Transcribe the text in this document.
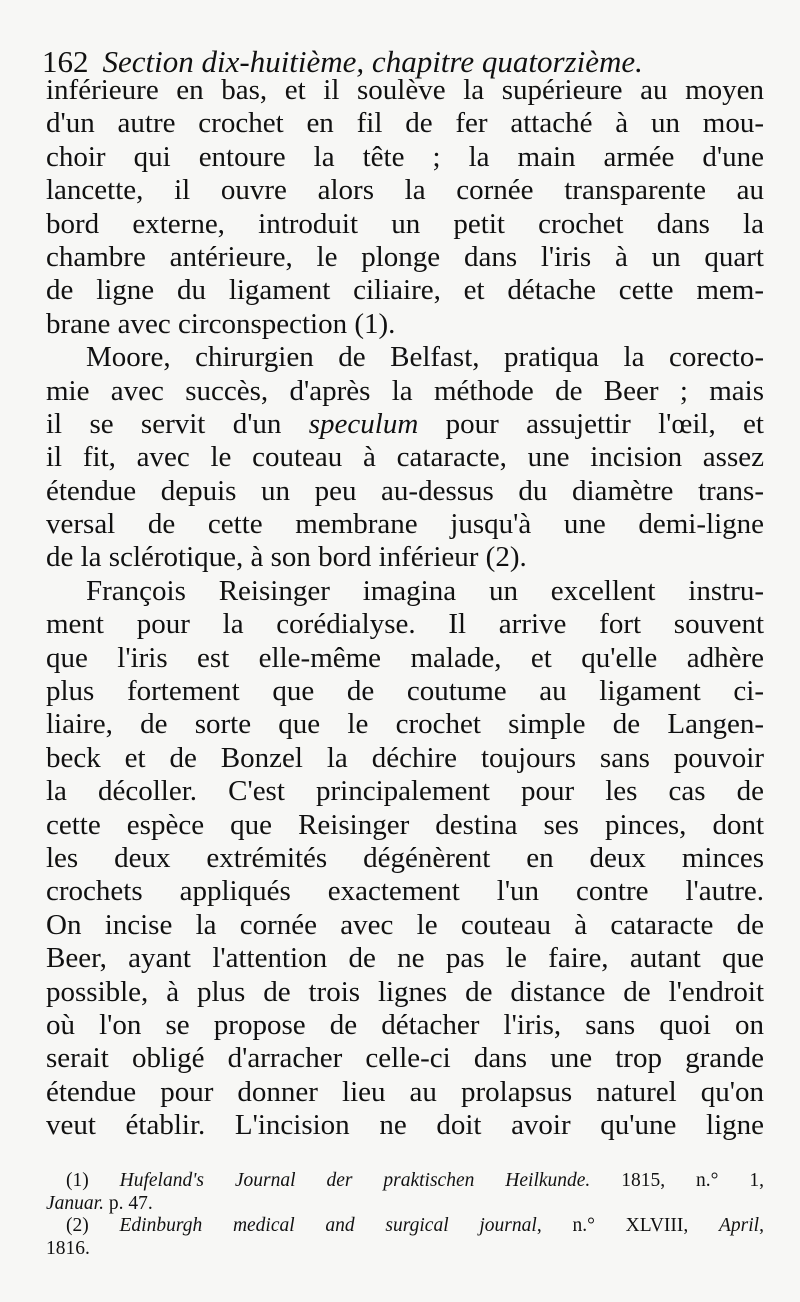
162 Section dix-huitième, chapitre quatorzième.
inférieure en bas, et il soulève la supérieure au moyen
d'un autre crochet en fil de fer attaché à un mou-
choir qui entoure la tête ; la main armée d'une
lancette, il ouvre alors la cornée transparente au
bord externe, introduit un petit crochet dans la
chambre antérieure, le plonge dans l'iris à un quart
de ligne du ligament ciliaire, et détache cette mem-
brane avec circonspection (1).
Moore, chirurgien de Belfast, pratiqua la corecto-
mie avec succès, d'après la méthode de Beer ; mais
il se servit d'un speculum pour assujettir l'œil, et
il fit, avec le couteau à cataracte, une incision assez
étendue depuis un peu au-dessus du diamètre trans-
versal de cette membrane jusqu'à une demi-ligne
de la sclérotique, à son bord inférieur (2).
François Reisinger imagina un excellent instru-
ment pour la corédialyse. Il arrive fort souvent
que l'iris est elle-même malade, et qu'elle adhère
plus fortement que de coutume au ligament ci-
liaire, de sorte que le crochet simple de Langen-
beck et de Bonzel la déchire toujours sans pouvoir
la décoller. C'est principalement pour les cas de
cette espèce que Reisinger destina ses pinces, dont
les deux extrémités dégénèrent en deux minces
crochets appliqués exactement l'un contre l'autre.
On incise la cornée avec le couteau à cataracte de
Beer, ayant l'attention de ne pas le faire, autant que
possible, à plus de trois lignes de distance de l'endroit
où l'on se propose de détacher l'iris, sans quoi on
serait obligé d'arracher celle-ci dans une trop grande
étendue pour donner lieu au prolapsus naturel qu'on
veut établir. L'incision ne doit avoir qu'une ligne
(1) Hufeland's Journal der praktischen Heilkunde. 1815, n.° 1,
Januar. p. 47.
(2) Edinburgh medical and surgical journal, n.° XLVIII, April,
1816.
